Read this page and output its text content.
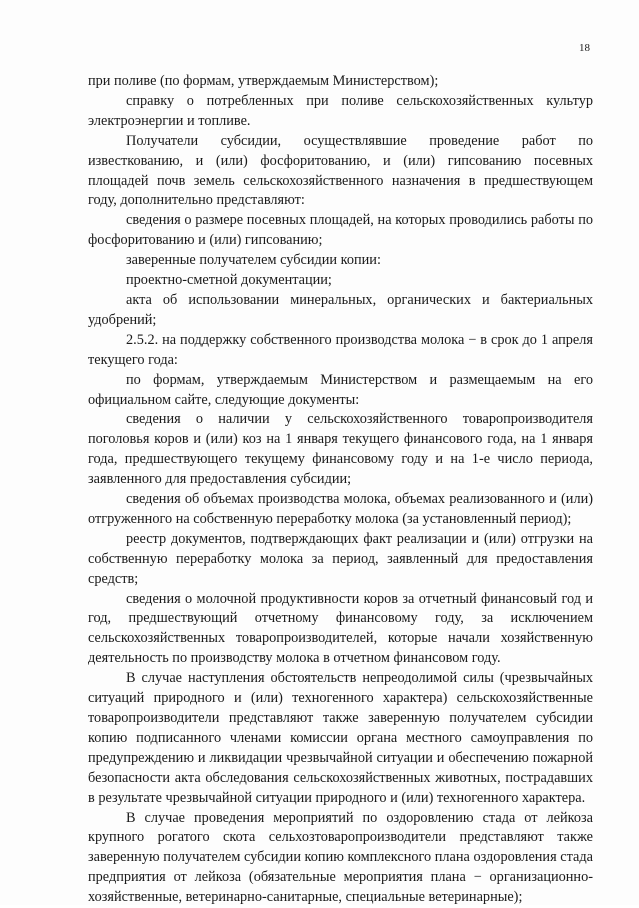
18

при поливе (по формам, утверждаемым Министерством);

справку о потребленных при поливе сельскохозяйственных культур электроэнергии и топливе.

Получатели субсидии, осуществлявшие проведение работ по известкованию, и (или) фосфоритованию, и (или) гипсованию посевных площадей почв земель сельскохозяйственного назначения в предшествующем году, дополнительно представляют:

сведения о размере посевных площадей, на которых проводились работы по фосфоритованию и (или) гипсованию;

заверенные получателем субсидии копии:

проектно-сметной документации;

акта об использовании минеральных, органических и бактериальных удобрений;

2.5.2. на поддержку собственного производства молока − в срок до 1 апреля текущего года:

по формам, утверждаемым Министерством и размещаемым на его официальном сайте, следующие документы:

сведения о наличии у сельскохозяйственного товаропроизводителя поголовья коров и (или) коз на 1 января текущего финансового года, на 1 января года, предшествующего текущему финансовому году и на 1-е число периода, заявленного для предоставления субсидии;

сведения об объемах производства молока, объемах реализованного и (или) отгруженного на собственную переработку молока (за установленный период);

реестр документов, подтверждающих факт реализации и (или) отгрузки на собственную переработку молока за период, заявленный для предоставления средств;

сведения о молочной продуктивности коров за отчетный финансовый год и год, предшествующий отчетному финансовому году, за исключением сельскохозяйственных товаропроизводителей, которые начали хозяйственную деятельность по производству молока в отчетном финансовом году.

В случае наступления обстоятельств непреодолимой силы (чрезвычайных ситуаций природного и (или) техногенного характера) сельскохозяйственные товаропроизводители представляют также заверенную получателем субсидии копию подписанного членами комиссии органа местного самоуправления по предупреждению и ликвидации чрезвычайной ситуации и обеспечению пожарной безопасности акта обследования сельскохозяйственных животных, пострадавших в результате чрезвычайной ситуации природного и (или) техногенного характера.

В случае проведения мероприятий по оздоровлению стада от лейкоза крупного рогатого скота сельхозтоваропроизводители представляют также заверенную получателем субсидии копию комплексного плана оздоровления стада предприятия от лейкоза (обязательные мероприятия плана − организационно-хозяйственные, ветеринарно-санитарные, специальные ветеринарные);
